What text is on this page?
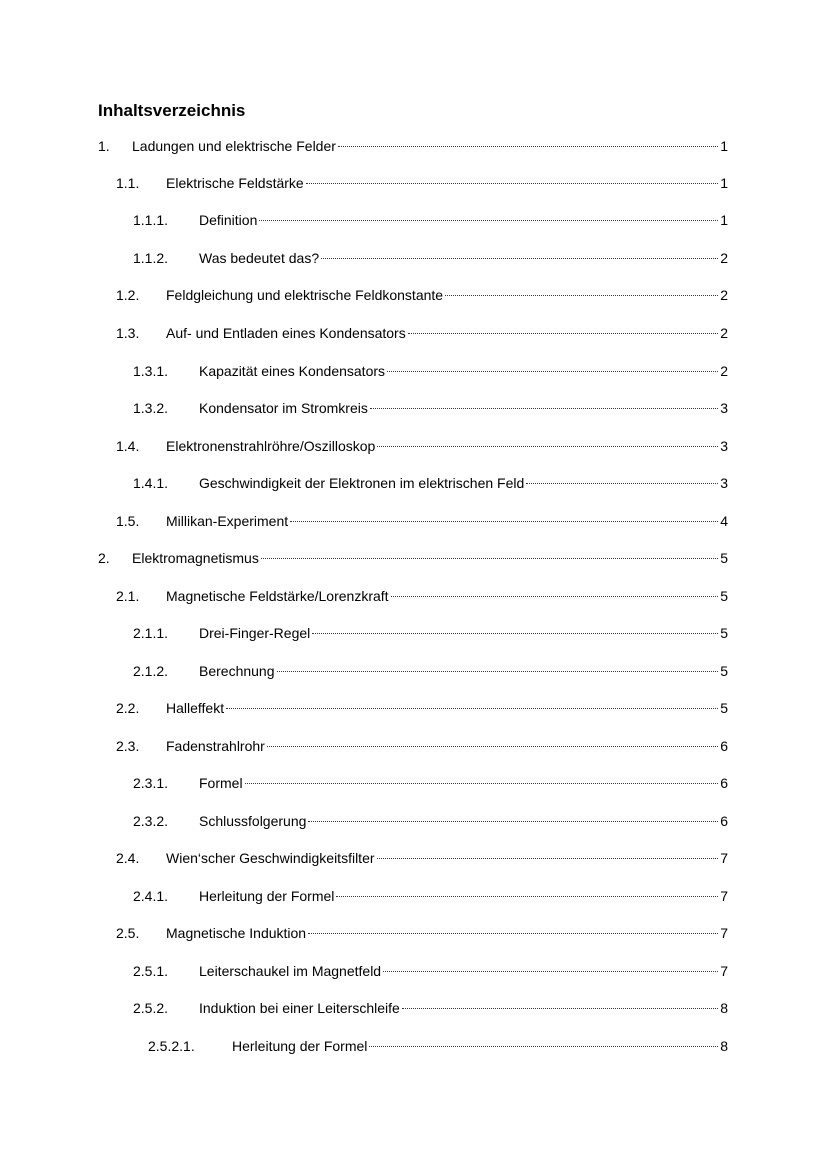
Inhaltsverzeichnis
1.	Ladungen und elektrische Felder	1
1.1.	Elektrische Feldstärke	1
1.1.1.	Definition	1
1.1.2.	Was bedeutet das?	2
1.2.	Feldgleichung und elektrische Feldkonstante	2
1.3.	Auf- und Entladen eines Kondensators	2
1.3.1.	Kapazität eines Kondensators	2
1.3.2.	Kondensator im Stromkreis	3
1.4.	Elektronenstrahlröhre/Oszilloskop	3
1.4.1.	Geschwindigkeit der Elektronen im elektrischen Feld	3
1.5.	Millikan-Experiment	4
2.	Elektromagnetismus	5
2.1.	Magnetische Feldstärke/Lorenzkraft	5
2.1.1.	Drei-Finger-Regel	5
2.1.2.	Berechnung	5
2.2.	Halleffekt	5
2.3.	Fadenstrahlrohr	6
2.3.1.	Formel	6
2.3.2.	Schlussfolgerung	6
2.4.	Wien‘scher Geschwindigkeitsfilter	7
2.4.1.	Herleitung der Formel	7
2.5.	Magnetische Induktion	7
2.5.1.	Leiterschaukel im Magnetfeld	7
2.5.2.	Induktion bei einer Leiterschleife	8
2.5.2.1.	Herleitung der Formel	8
